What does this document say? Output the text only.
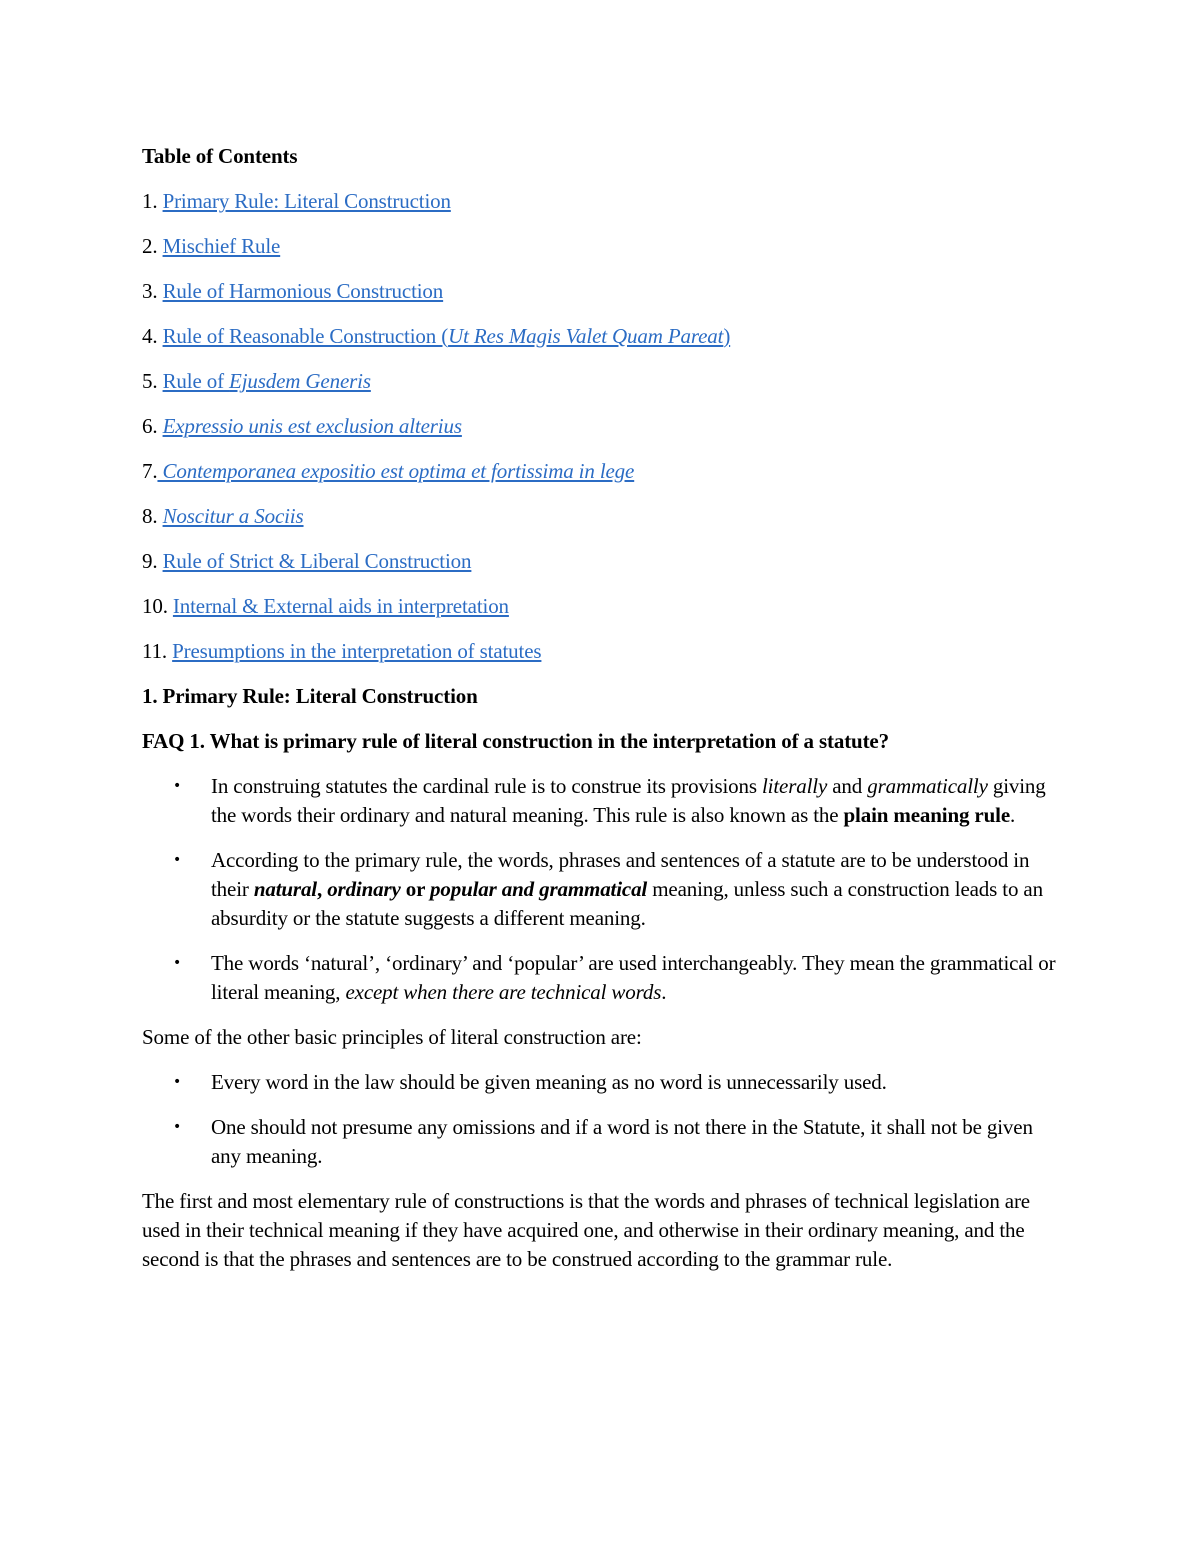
Table of Contents
1. Primary Rule: Literal Construction
2. Mischief Rule
3. Rule of Harmonious Construction
4. Rule of Reasonable Construction (Ut Res Magis Valet Quam Pareat)
5. Rule of Ejusdem Generis
6. Expressio unis est exclusion alterius
7. Contemporanea expositio est optima et fortissima in lege
8. Noscitur a Sociis
9. Rule of Strict & Liberal Construction
10. Internal & External aids in interpretation
11. Presumptions in the interpretation of statutes
1. Primary Rule: Literal Construction
FAQ 1. What is primary rule of literal construction in the interpretation of a statute?
• In construing statutes the cardinal rule is to construe its provisions literally and grammatically giving the words their ordinary and natural meaning. This rule is also known as the plain meaning rule.
• According to the primary rule, the words, phrases and sentences of a statute are to be understood in their natural, ordinary or popular and grammatical meaning, unless such a construction leads to an absurdity or the statute suggests a different meaning.
• The words ‘natural’, ‘ordinary’ and ‘popular’ are used interchangeably. They mean the grammatical or literal meaning, except when there are technical words.

Some of the other basic principles of literal construction are:

• Every word in the law should be given meaning as no word is unnecessarily used.
• One should not presume any omissions and if a word is not there in the Statute, it shall not be given any meaning.

The first and most elementary rule of constructions is that the words and phrases of technical legislation are used in their technical meaning if they have acquired one, and otherwise in their ordinary meaning, and the second is that the phrases and sentences are to be construed according to the grammar rule.
